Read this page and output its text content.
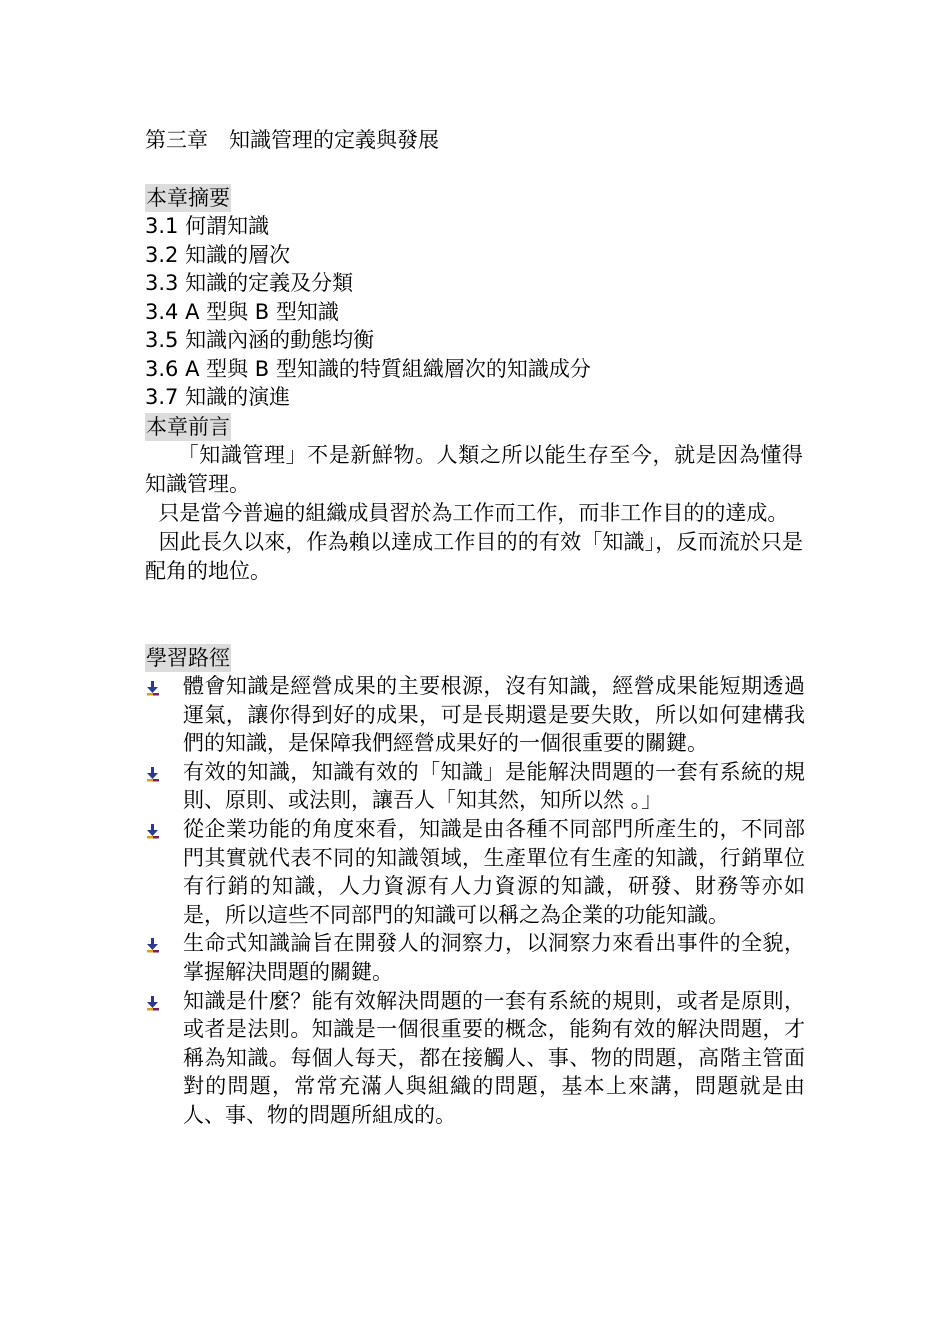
第三章　知識管理的定義與發展
本章摘要
3.1 何謂知識
3.2 知識的層次
3.3 知識的定義及分類
3.4 A 型與 B 型知識
3.5 知識內涵的動態均衡
3.6 A 型與 B 型知識的特質組織層次的知識成分
3.7 知識的演進
本章前言
　　「知識管理」不是新鮮物。人類之所以能生存至今，就是因為懂得知識管理。
只是當今普遍的組織成員習於為工作而工作，而非工作目的的達成。
因此長久以來，作為賴以達成工作目的的有效「知識」，反而流於只是配角的地位。
學習路徑
體會知識是經營成果的主要根源，沒有知識，經營成果能短期透過運氣，讓你得到好的成果，可是長期還是要失敗，所以如何建構我們的知識，是保障我們經營成果好的一個很重要的關鍵。
有效的知識，知識有效的「知識」是能解決問題的一套有系統的規則、原則、或法則，讓吾人「知其然，知所以然 。」
從企業功能的角度來看，知識是由各種不同部門所產生的，不同部門其實就代表不同的知識領域，生產單位有生產的知識，行銷單位有行銷的知識，人力資源有人力資源的知識，研發、財務等亦如是，所以這些不同部門的知識可以稱之為企業的功能知識。
生命式知識論旨在開發人的洞察力，以洞察力來看出事件的全貌，掌握解決問題的關鍵。
知識是什麼？能有效解決問題的一套有系統的規則，或者是原則，或者是法則。知識是一個很重要的概念，能夠有效的解決問題，才稱為知識。每個人每天，都在接觸人、事、物的問題，高階主管面對的問題，常常充滿人與組織的問題，基本上來講，問題就是由人、事、物的問題所組成的。
